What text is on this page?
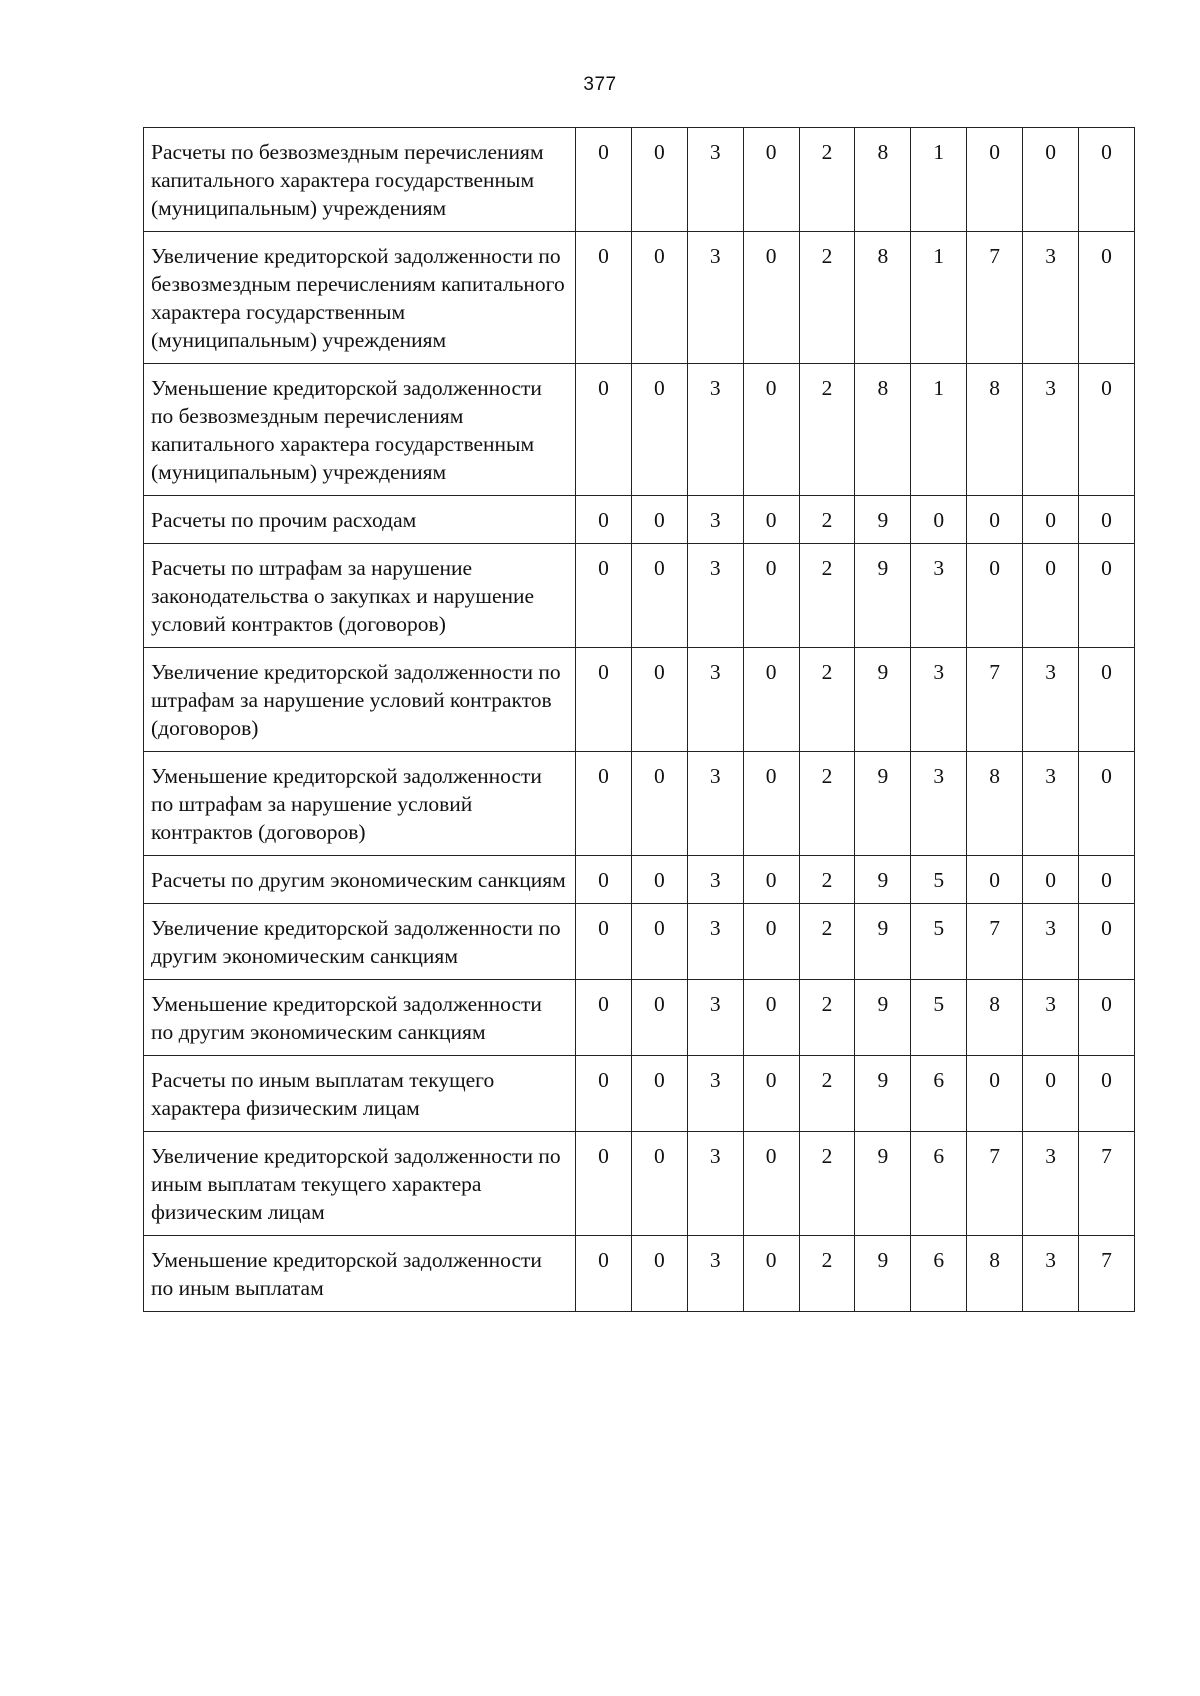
377
Расчеты по безвозмездным перечислениям капитального характера государственным (муниципальным) учреждениям	0	0	3	0	2	8	1	0	0	0
Увеличение кредиторской задолженности по безвозмездным перечислениям капитального характера государственным (муниципальным) учреждениям	0	0	3	0	2	8	1	7	3	0
Уменьшение кредиторской задолженности по безвозмездным перечислениям капитального характера государственным (муниципальным) учреждениям	0	0	3	0	2	8	1	8	3	0
Расчеты по прочим расходам	0	0	3	0	2	9	0	0	0	0
Расчеты по штрафам за нарушение законодательства о закупках и нарушение условий контрактов (договоров)	0	0	3	0	2	9	3	0	0	0
Увеличение кредиторской задолженности по штрафам за нарушение условий контрактов (договоров)	0	0	3	0	2	9	3	7	3	0
Уменьшение кредиторской задолженности по штрафам за нарушение условий контрактов (договоров)	0	0	3	0	2	9	3	8	3	0
Расчеты по другим экономическим санкциям	0	0	3	0	2	9	5	0	0	0
Увеличение кредиторской задолженности по другим экономическим санкциям	0	0	3	0	2	9	5	7	3	0
Уменьшение кредиторской задолженности по другим экономическим санкциям	0	0	3	0	2	9	5	8	3	0
Расчеты по иным выплатам текущего характера физическим лицам	0	0	3	0	2	9	6	0	0	0
Увеличение кредиторской задолженности по иным выплатам текущего характера физическим лицам	0	0	3	0	2	9	6	7	3	7
Уменьшение кредиторской задолженности по иным выплатам	0	0	3	0	2	9	6	8	3	7
